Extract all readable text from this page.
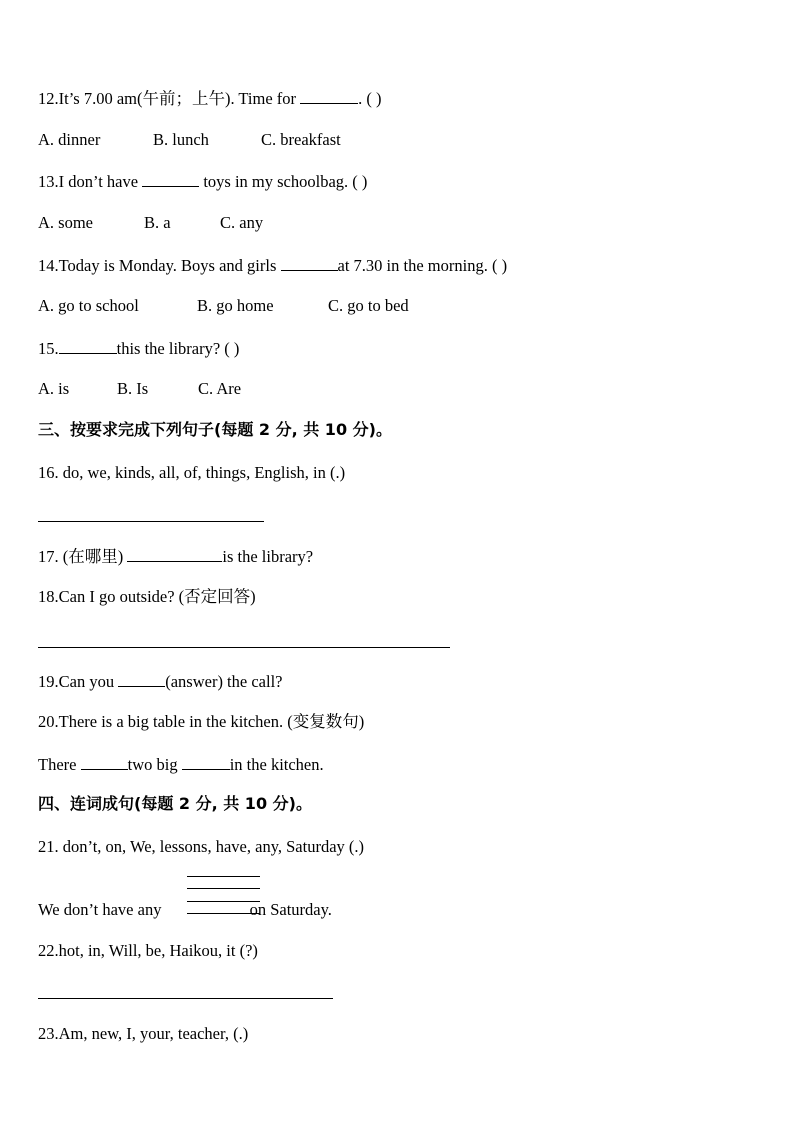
12.It’s 7.00 am(午前；上午). Time for	. ( )
A. dinner	B. lunch	C. breakfast
13.I don’t have	toys in my schoolbag. ( )
A. some	B. a	C. any
14.Today is Monday. Boys and girls	at 7.30 in the morning. ( )
A. go to school	B. go home	C. go to bed
15.	this the library? ( )
A. is	B. Is	C. Are
三、按要求完成下列句子(每题 2 分, 共 10 分)。
16. do, we, kinds, all, of, things, English, in (.)
17. (在哪里)	is the library?
18.Can I go outside? (否定回答)
19.Can you	(answer) the call?
20.There is a big table in the kitchen. (变复数句)
There	two big	in the kitchen.
四、连词成句(每题 2 分, 共 10 分)。
21. don’t, on, We, lessons, have, any, Saturday (.)
We don’t have any	on Saturday.
22.hot, in, Will, be, Haikou, it (?)
23.Am, new, I, your, teacher, (.)
